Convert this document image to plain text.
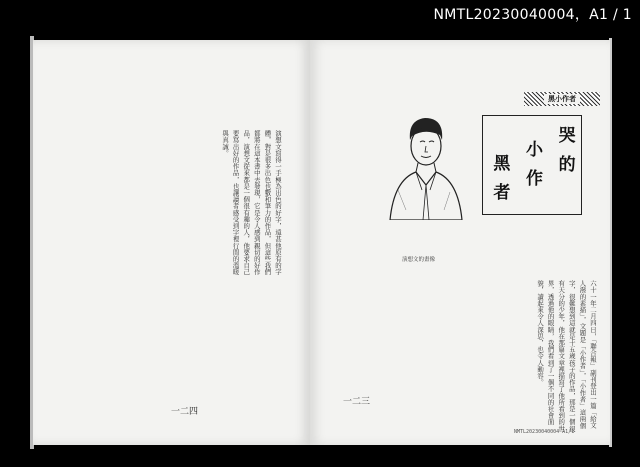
NMTL20230040004，A1 / 1
演想文寫得一手極為出色的好字，遠甚他原有的字體，對是很多出色也數和筆力的作品，但這些我們都將在這本書中去發現，它是令人感到親切的好作品，演想文從來都是一個很有趣的人，他要求自己要寫出好的作品，也讓讀者感受到字裡行間的溫暖與真誠。
一二四
黑小作者
哭的
小作
黑者
演想文的畫像
六十一年二月四日，「聯合報」副刊登出一篇「給文人潑的素描」，文題是「小作者」，「小作者」這兩個字，很難想到這就是十五歲孩子的作品，那是一個很有天分的少年，他在那篇文章裡描寫了他所看到的世界，透過他的眼睛，我們看到了一個不同的社會面貌，讀起來令人深思，也令人動容。
一二三
NMTL20230040004 A1/1
